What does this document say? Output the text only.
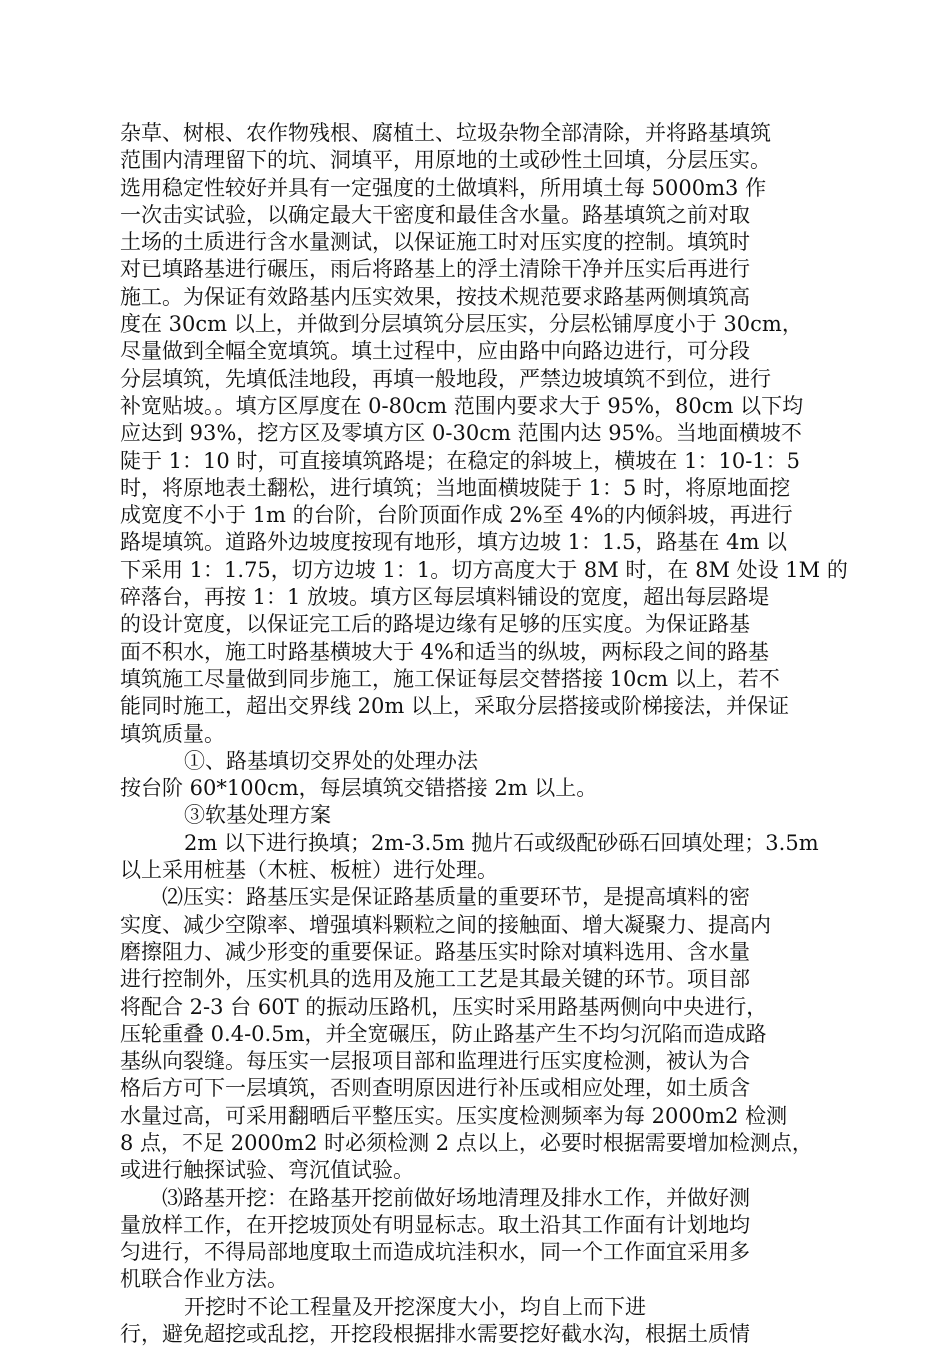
杂草、树根、农作物残根、腐植土、垃圾杂物全部清除，并将路基填筑

范围内清理留下的坑、洞填平，用原地的土或砂性土回填，分层压实。

选用稳定性较好并具有一定强度的土做填料，所用填土每 5000m3 作

一次击实试验，以确定最大干密度和最佳含水量。路基填筑之前对取

土场的土质进行含水量测试，以保证施工时对压实度的控制。填筑时

对已填路基进行碾压，雨后将路基上的浮土清除干净并压实后再进行

施工。为保证有效路基内压实效果，按技术规范要求路基两侧填筑高

度在 30cm 以上，并做到分层填筑分层压实，分层松铺厚度小于 30cm，

尽量做到全幅全宽填筑。填土过程中，应由路中向路边进行，可分段

分层填筑，先填低洼地段，再填一般地段，严禁边坡填筑不到位，进行

补宽贴坡。。填方区厚度在 0-80cm 范围内要求大于 95%，80cm 以下均

应达到 93%，挖方区及零填方区 0-30cm 范围内达 95%。当地面横坡不

陡于 1：10 时，可直接填筑路堤；在稳定的斜坡上，横坡在 1：10-1：5

时，将原地表土翻松，进行填筑；当地面横坡陡于 1：5 时，将原地面挖

成宽度不小于 1m 的台阶，台阶顶面作成 2%至 4%的内倾斜坡，再进行

路堤填筑。道路外边坡度按现有地形，填方边坡 1：1.5，路基在 4m 以

下采用 1：1.75，切方边坡 1：1。切方高度大于 8M 时，在 8M 处设 1M 的

碎落台，再按 1：1 放坡。填方区每层填料铺设的宽度，超出每层路堤

的设计宽度，以保证完工后的路堤边缘有足够的压实度。为保证路基

面不积水，施工时路基横坡大于 4%和适当的纵坡，两标段之间的路基

填筑施工尽量做到同步施工，施工保证每层交替搭接 10cm 以上，若不

能同时施工，超出交界线 20m 以上，采取分层搭接或阶梯接法，并保证

填筑质量。

①、路基填切交界处的处理办法

按台阶 60*100cm，每层填筑交错搭接 2m 以上。

③软基处理方案

2m 以下进行换填；2m-3.5m 抛片石或级配砂砾石回填处理；3.5m

以上采用桩基（木桩、板桩）进行处理。

⑵压实：路基压实是保证路基质量的重要环节，是提高填料的密

实度、减少空隙率、增强填料颗粒之间的接触面、增大凝聚力、提高内

磨擦阻力、减少形变的重要保证。路基压实时除对填料选用、含水量

进行控制外，压实机具的选用及施工工艺是其最关键的环节。项目部

将配合 2-3 台 60T 的振动压路机，压实时采用路基两侧向中央进行，

压轮重叠 0.4-0.5m，并全宽碾压，防止路基产生不均匀沉陷而造成路

基纵向裂缝。每压实一层报项目部和监理进行压实度检测，被认为合

格后方可下一层填筑，否则查明原因进行补压或相应处理，如土质含

水量过高，可采用翻晒后平整压实。压实度检测频率为每 2000m2 检测

8 点，不足 2000m2 时必须检测 2 点以上，必要时根据需要增加检测点，

或进行触探试验、弯沉值试验。

⑶路基开挖：在路基开挖前做好场地清理及排水工作，并做好测

量放样工作，在开挖坡顶处有明显标志。取土沿其工作面有计划地均

匀进行，不得局部地度取土而造成坑洼积水，同一个工作面宜采用多

机联合作业方法。

开挖时不论工程量及开挖深度大小，均自上而下进

行，避免超挖或乱挖，开挖段根据排水需要挖好截水沟，根据土质情
